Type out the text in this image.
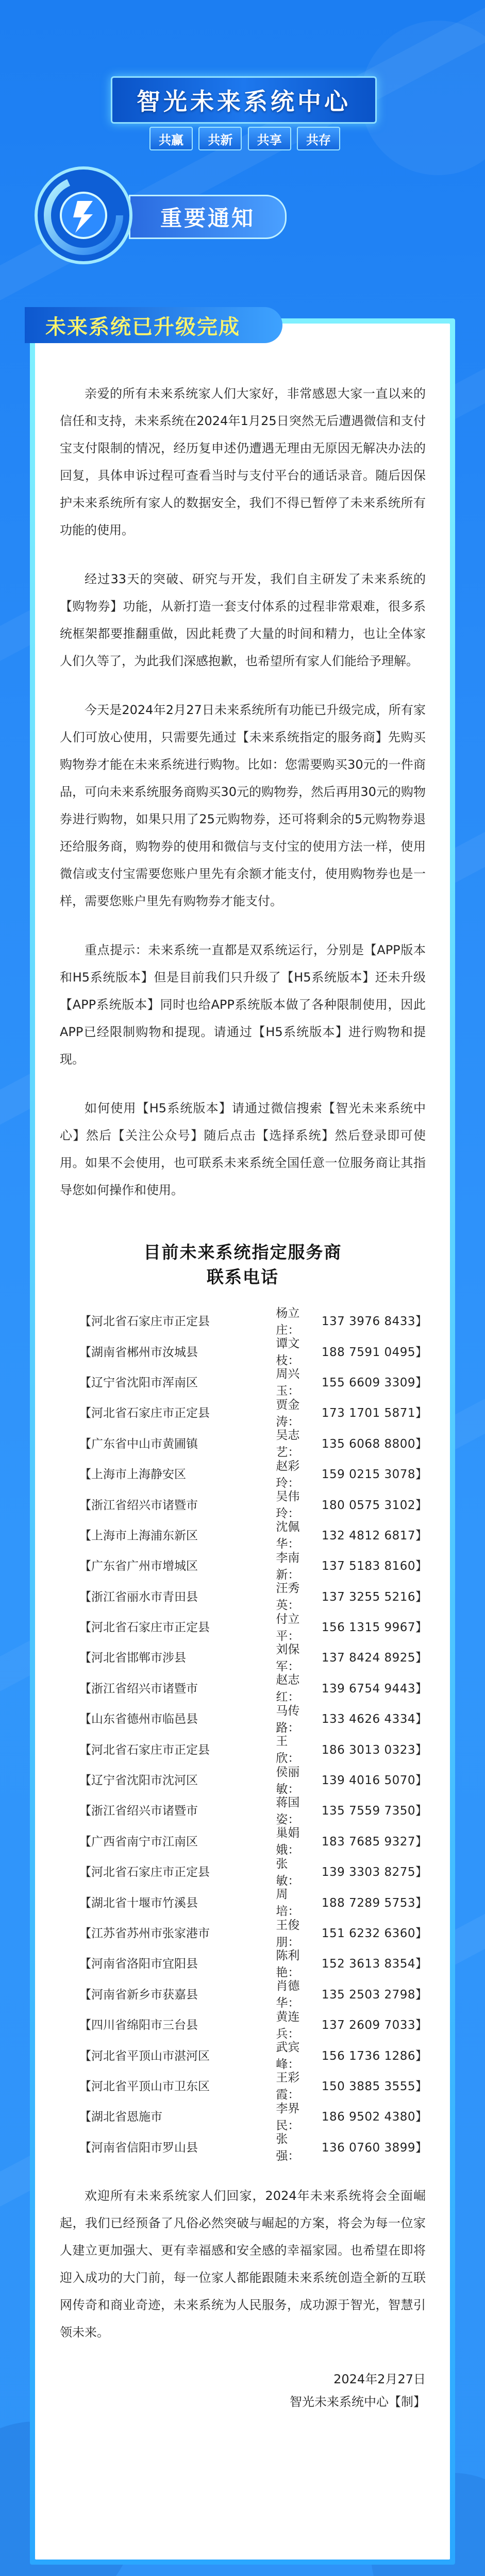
智光未来系统中心
共赢	共新	共享	共存
重要通知
未来系统已升级完成

亲爱的所有未来系统家人们大家好，非常感恩大家一直以来的信任和支持，未来系统在2024年1月25日突然无后遭遇微信和支付宝支付限制的情况，经历复申述仍遭遇无理由无原因无解决办法的回复，具体申诉过程可查看当时与支付平台的通话录音。随后因保护未来系统所有家人的数据安全，我们不得已暂停了未来系统所有功能的使用。

经过33天的突破、研究与开发，我们自主研发了未来系统的【购物券】功能，从新打造一套支付体系的过程非常艰难，很多系统框架都要推翻重做，因此耗费了大量的时间和精力，也让全体家人们久等了，为此我们深感抱歉，也希望所有家人们能给予理解。

今天是2024年2月27日未来系统所有功能已升级完成，所有家人们可放心使用，只需要先通过【未来系统指定的服务商】先购买购物券才能在未来系统进行购物。比如：您需要购买30元的一件商品，可向未来系统服务商购买30元的购物券，然后再用30元的购物券进行购物，如果只用了25元购物券，还可将剩余的5元购物券退还给服务商，购物券的使用和微信与支付宝的使用方法一样，使用微信或支付宝需要您账户里先有余额才能支付，使用购物券也是一样，需要您账户里先有购物券才能支付。

重点提示：未来系统一直都是双系统运行，分别是【APP版本和H5系统版本】但是目前我们只升级了【H5系统版本】还未升级【APP系统版本】同时也给APP系统版本做了各种限制使用，因此APP已经限制购物和提现。请通过【H5系统版本】进行购物和提现。

如何使用【H5系统版本】请通过微信搜索【智光未来系统中心】然后【关注公众号】随后点击【选择系统】然后登录即可使用。如果不会使用，也可联系未来系统全国任意一位服务商让其指导您如何操作和使用。

目前未来系统指定服务商
联系电话
【河北省石家庄市正定县
杨立庄：
137 3976 8433】
【湖南省郴州市汝城县
谭文枝：
188 7591 0495】
【辽宁省沈阳市浑南区
周兴玉：
155 6609 3309】
【河北省石家庄市正定县
贾金涛：
173 1701 5871】
【广东省中山市黄圃镇
吴志艺：
135 6068 8800】
【上海市上海静安区
赵彩玲：
159 0215 3078】
【浙江省绍兴市诸暨市
吴伟玲：
180 0575 3102】
【上海市上海浦东新区
沈佩华：
132 4812 6817】
【广东省广州市增城区
李南新：
137 5183 8160】
【浙江省丽水市青田县
汪秀英：
137 3255 5216】
【河北省石家庄市正定县
付立平：
156 1315 9967】
【河北省邯郸市涉县
刘保军：
137 8424 8925】
【浙江省绍兴市诸暨市
赵志红：
139 6754 9443】
【山东省德州市临邑县
马传路：
133 4626 4334】
【河北省石家庄市正定县
王　欣：
186 3013 0323】
【辽宁省沈阳市沈河区
侯丽敏：
139 4016 5070】
【浙江省绍兴市诸暨市
蒋国姿：
135 7559 7350】
【广西省南宁市江南区
巢娟娥：
183 7685 9327】
【河北省石家庄市正定县
张　敏：
139 3303 8275】
【湖北省十堰市竹溪县
周　培：
188 7289 5753】
【江苏省苏州市张家港市
王俊朋：
151 6232 6360】
【河南省洛阳市宜阳县
陈利艳：
152 3613 8354】
【河南省新乡市获嘉县
肖德华：
135 2503 2798】
【四川省绵阳市三台县
黄连兵：
137 2609 7033】
【河北省平顶山市湛河区
武宾峰：
156 1736 1286】
【河北省平顶山市卫东区
王彩霞：
150 3885 3555】
【湖北省恩施市
李界民：
186 9502 4380】
【河南省信阳市罗山县
张　强：
136 0760 3899】

欢迎所有未来系统家人们回家，2024年未来系统将会全面崛起，我们已经预备了凡俗必然突破与崛起的方案，将会为每一位家人建立更加强大、更有幸福感和安全感的幸福家园。也希望在即将迎入成功的大门前，每一位家人都能跟随未来系统创造全新的互联网传奇和商业奇迹，未来系统为人民服务，成功源于智光，智慧引领未来。

2024年2月27日
智光未来系统中心【制】
